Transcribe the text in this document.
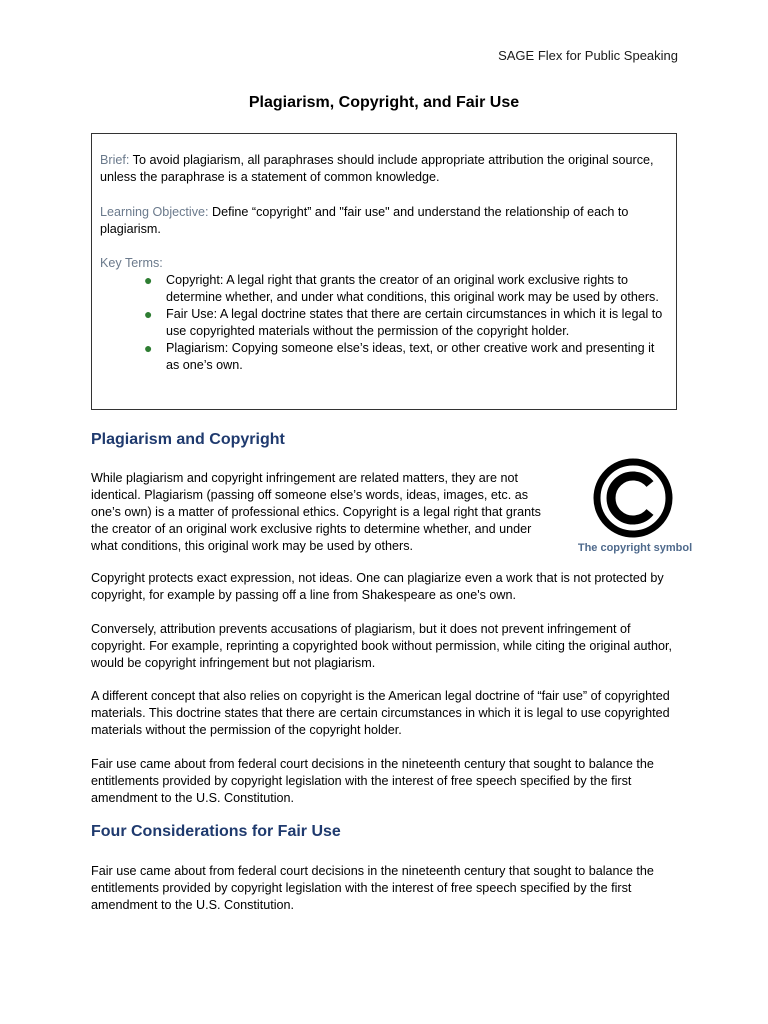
SAGE Flex for Public Speaking
Plagiarism, Copyright, and Fair Use

Brief: To avoid plagiarism, all paraphrases should include appropriate attribution the original source, unless the paraphrase is a statement of common knowledge.

Learning Objective: Define “copyright” and "fair use" and understand the relationship of each to plagiarism.

Key Terms:

● Copyright: A legal right that grants the creator of an original work exclusive rights to determine whether, and under what conditions, this original work may be used by others.
● Fair Use: A legal doctrine states that there are certain circumstances in which it is legal to use copyrighted materials without the permission of the copyright holder.
● Plagiarism: Copying someone else’s ideas, text, or other creative work and presenting it as one’s own.
Plagiarism and Copyright

While plagiarism and copyright infringement are related matters, they are not identical. Plagiarism (passing off someone else’s words, ideas, images, etc. as one’s own) is a matter of professional ethics. Copyright is a legal right that grants the creator of an original work exclusive rights to determine whether, and under what conditions, this original work may be used by others.	The copyright symbol

Copyright protects exact expression, not ideas. One can plagiarize even a work that is not protected by copyright, for example by passing off a line from Shakespeare as one's own.

Conversely, attribution prevents accusations of plagiarism, but it does not prevent infringement of copyright. For example, reprinting a copyrighted book without permission, while citing the original author, would be copyright infringement but not plagiarism.

A different concept that also relies on copyright is the American legal doctrine of “fair use” of copyrighted materials. This doctrine states that there are certain circumstances in which it is legal to use copyrighted materials without the permission of the copyright holder.

Fair use came about from federal court decisions in the nineteenth century that sought to balance the entitlements provided by copyright legislation with the interest of free speech specified by the first amendment to the U.S. Constitution.

Four Considerations for Fair Use

Fair use came about from federal court decisions in the nineteenth century that sought to balance the entitlements provided by copyright legislation with the interest of free speech specified by the first amendment to the U.S. Constitution.
